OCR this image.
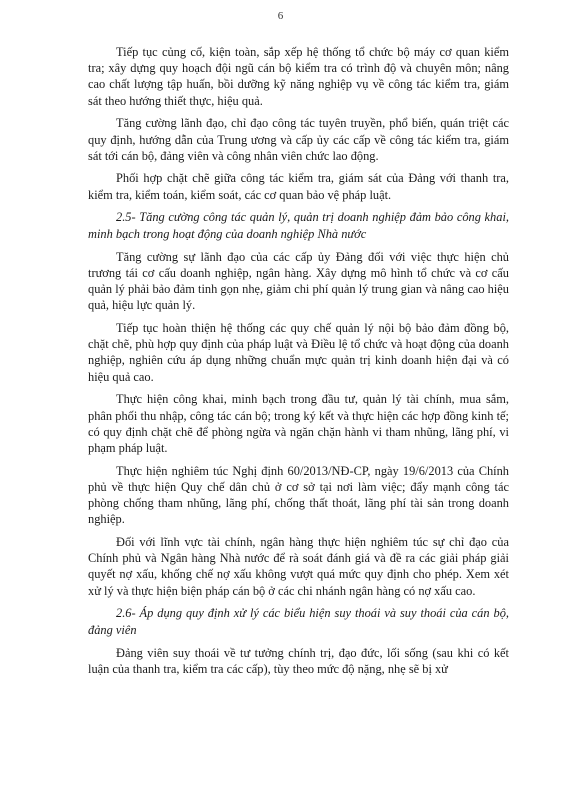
6

Tiếp tục củng cố, kiện toàn, sắp xếp hệ thống tổ chức bộ máy cơ quan kiểm tra; xây dựng quy hoạch đội ngũ cán bộ kiểm tra có trình độ và chuyên môn; nâng cao chất lượng tập huấn, bồi dưỡng kỹ năng nghiệp vụ về công tác kiểm tra, giám sát theo hướng thiết thực, hiệu quả.

Tăng cường lãnh đạo, chỉ đạo công tác tuyên truyền, phổ biến, quán triệt các quy định, hướng dẫn của Trung ương và cấp ủy các cấp về công tác kiểm tra, giám sát tới cán bộ, đảng viên và công nhân viên chức lao động.

Phối hợp chặt chẽ giữa công tác kiểm tra, giám sát của Đảng với thanh tra, kiểm tra, kiểm toán, kiểm soát, các cơ quan bảo vệ pháp luật.

2.5- Tăng cường công tác quản lý, quản trị doanh nghiệp đảm bảo công khai, minh bạch trong hoạt động của doanh nghiệp Nhà nước

Tăng cường sự lãnh đạo của các cấp ủy Đảng đối với việc thực hiện chủ trương tái cơ cấu doanh nghiệp, ngân hàng. Xây dựng mô hình tổ chức và cơ cấu quản lý phải bảo đảm tinh gọn nhẹ, giảm chi phí quản lý trung gian và nâng cao hiệu quả, hiệu lực quản lý.

Tiếp tục hoàn thiện hệ thống các quy chế quản lý nội bộ bảo đảm đồng bộ, chặt chẽ, phù hợp quy định của pháp luật và Điều lệ tổ chức và hoạt động của doanh nghiệp, nghiên cứu áp dụng những chuẩn mực quản trị kinh doanh hiện đại và có hiệu quả cao.

Thực hiện công khai, minh bạch trong đầu tư, quản lý tài chính, mua sắm, phân phối thu nhập, công tác cán bộ; trong ký kết và thực hiện các hợp đồng kinh tế; có quy định chặt chẽ để phòng ngừa và ngăn chặn hành vi tham nhũng, lãng phí, vi phạm pháp luật.

Thực hiện nghiêm túc Nghị định 60/2013/NĐ-CP, ngày 19/6/2013 của Chính phủ về thực hiện Quy chế dân chủ ở cơ sở tại nơi làm việc; đẩy mạnh công tác phòng chống tham nhũng, lãng phí, chống thất thoát, lãng phí tài sản trong doanh nghiệp.

Đối với lĩnh vực tài chính, ngân hàng thực hiện nghiêm túc sự chỉ đạo của Chính phủ và Ngân hàng Nhà nước để rà soát đánh giá và đề ra các giải pháp giải quyết nợ xấu, khống chế nợ xấu không vượt quá mức quy định cho phép. Xem xét xử lý và thực hiện biện pháp cán bộ ở các chi nhánh ngân hàng có nợ xấu cao.

2.6- Áp dụng quy định xử lý các biểu hiện suy thoái và suy thoái của cán bộ, đảng viên

Đảng viên suy thoái về tư tưởng chính trị, đạo đức, lối sống (sau khi có kết luận của thanh tra, kiểm tra các cấp), tùy theo mức độ nặng, nhẹ sẽ bị xử
